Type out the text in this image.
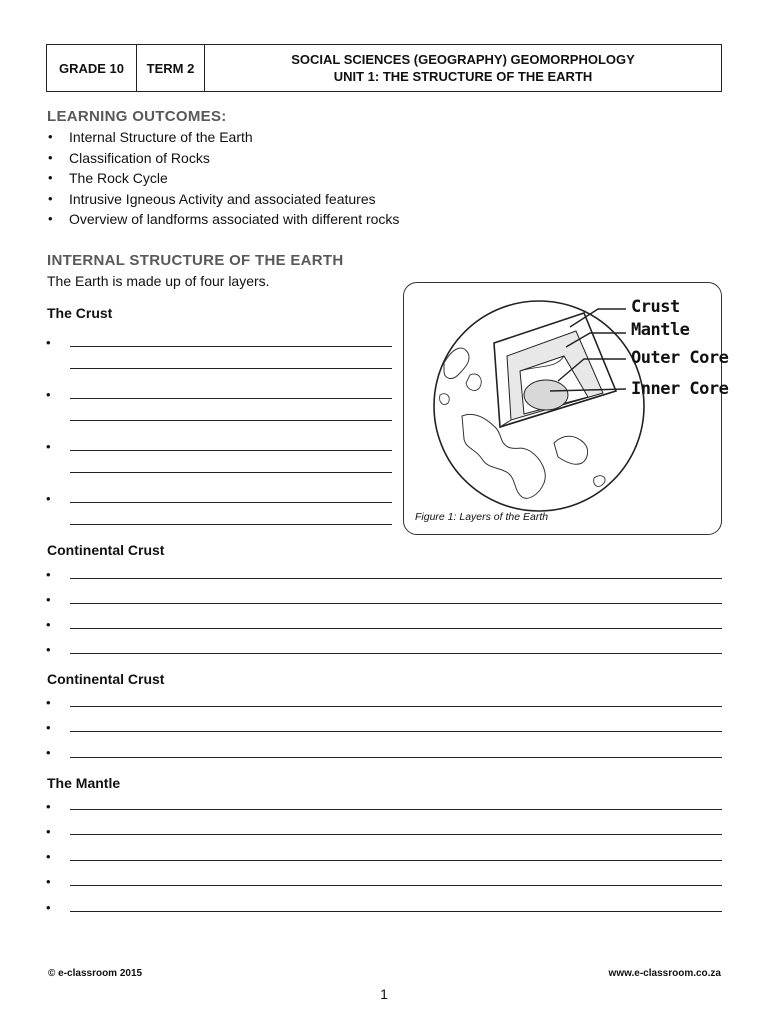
GRADE 10	TERM 2
SOCIAL SCIENCES (GEOGRAPHY) GEOMORPHOLOGY
UNIT 1: THE STRUCTURE OF THE EARTH
LEARNING OUTCOMES:
• Internal Structure of the Earth
• Classification of Rocks
• The Rock Cycle
• Intrusive Igneous Activity and associated features
• Overview of landforms associated with different rocks
INTERNAL STRUCTURE OF THE EARTH
The Earth is made up of four layers.
The Crust
•
•
•
•
Crust
Mantle
Outer Core
Inner Core
Figure 1: Layers of the Earth
Continental Crust
•
•
•
•
Continental Crust
•
•
•
The Mantle
•
•
•
•
•
© e-classroom 2015	www.e-classroom.co.za
1
